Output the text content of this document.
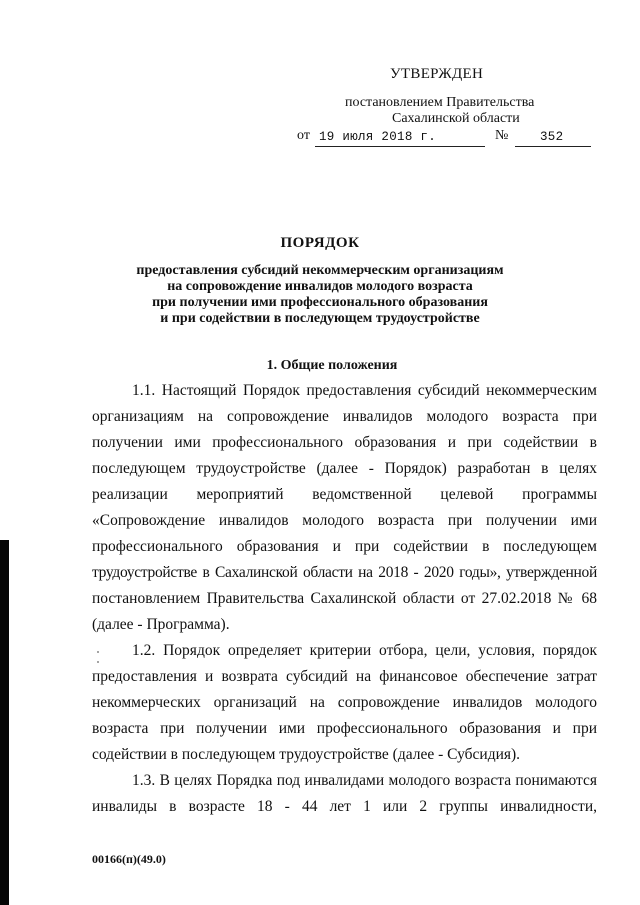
УТВЕРЖДЕН
постановлением Правительства
Сахалинской области
от 19 июля 2018 г.	№	352
ПОРЯДОК
предоставления субсидий некоммерческим организациям
на сопровождение инвалидов молодого возраста
при получении ими профессионального образования
и при содействии в последующем трудоустройстве
1. Общие положения
1.1. Настоящий Порядок предоставления субсидий некоммерческим
организациям на сопровождение инвалидов молодого возраста при
получении ими профессионального образования и при содействии в
последующем трудоустройстве (далее - Порядок) разработан в целях
реализации мероприятий ведомственной целевой программы
«Сопровождение инвалидов молодого возраста при получении ими
профессионального образования и при содействии в последующем
трудоустройстве в Сахалинской области на 2018 - 2020 годы», утвержденной
постановлением Правительства Сахалинской области от 27.02.2018 № 68
(далее - Программа).
1.2. Порядок определяет критерии отбора, цели, условия, порядок
предоставления и возврата субсидий на финансовое обеспечение затрат
некоммерческих организаций на сопровождение инвалидов молодого
возраста при получении ими профессионального образования и при
содействии в последующем трудоустройстве (далее - Субсидия).
1.3. В целях Порядка под инвалидами молодого возраста понимаются
инвалиды в возрасте 18 - 44 лет 1 или 2 группы инвалидности,
00166(п)(49.0)
